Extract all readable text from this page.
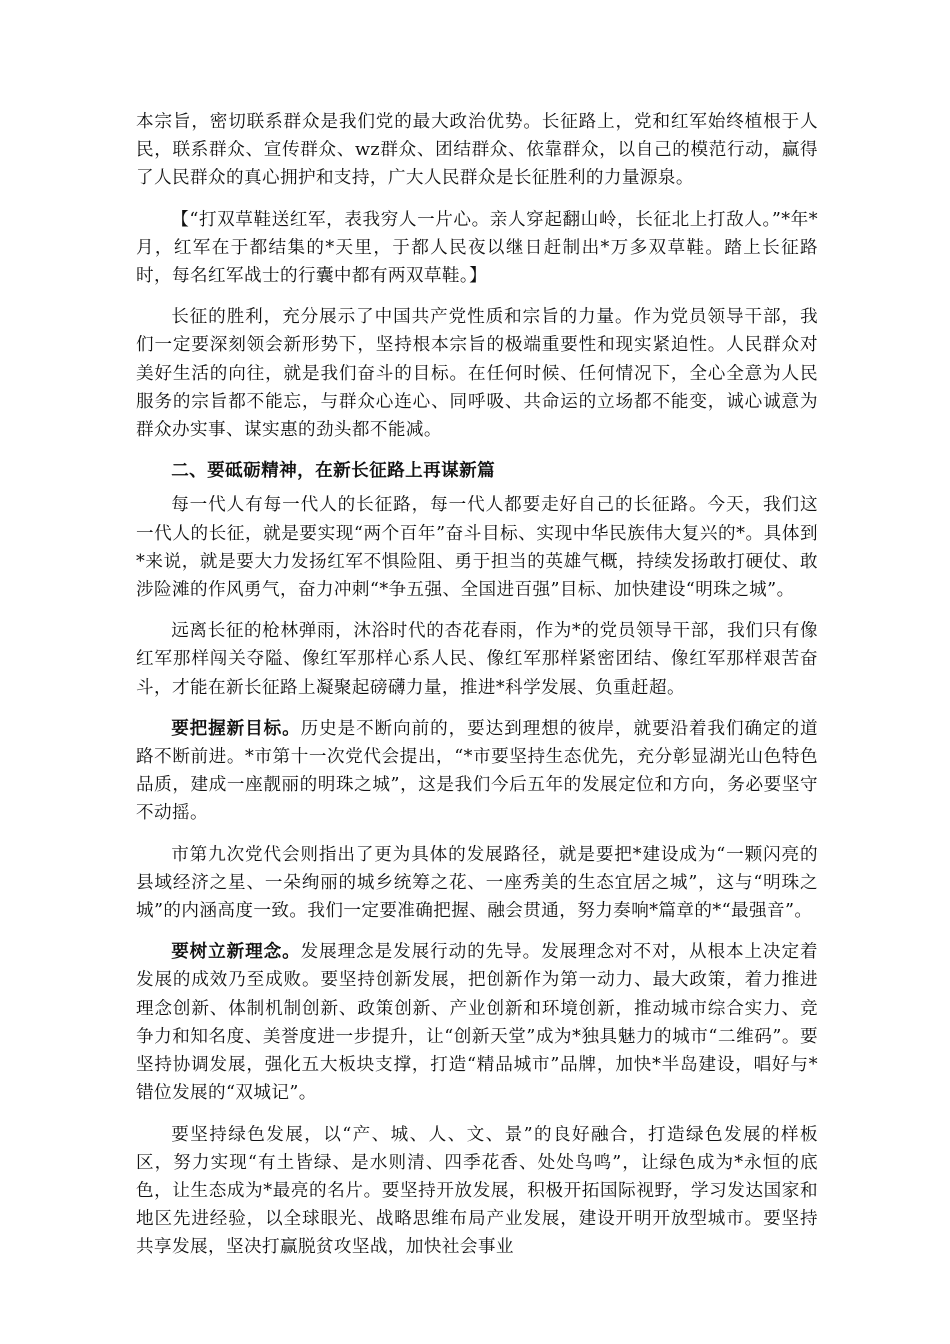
本宗旨，密切联系群众是我们党的最大政治优势。长征路上，党和红军始终植根于人民，联系群众、宣传群众、wz群众、团结群众、依靠群众，以自己的模范行动，赢得了人民群众的真心拥护和支持，广大人民群众是长征胜利的力量源泉。

【“打双草鞋送红军，表我穷人一片心。亲人穿起翻山岭，长征北上打敌人。”*年*月，红军在于都结集的*天里，于都人民夜以继日赶制出*万多双草鞋。踏上长征路时，每名红军战士的行囊中都有两双草鞋。】

长征的胜利，充分展示了中国共产党性质和宗旨的力量。作为党员领导干部，我们一定要深刻领会新形势下，坚持根本宗旨的极端重要性和现实紧迫性。人民群众对美好生活的向往，就是我们奋斗的目标。在任何时候、任何情况下，全心全意为人民服务的宗旨都不能忘，与群众心连心、同呼吸、共命运的立场都不能变，诚心诚意为群众办实事、谋实惠的劲头都不能减。

二、要砥砺精神，在新长征路上再谋新篇

每一代人有每一代人的长征路，每一代人都要走好自己的长征路。今天，我们这一代人的长征，就是要实现“两个百年”奋斗目标、实现中华民族伟大复兴的*。具体到*来说，就是要大力发扬红军不惧险阻、勇于担当的英雄气概，持续发扬敢打硬仗、敢涉险滩的作风勇气，奋力冲刺“*争五强、全国进百强”目标、加快建设“明珠之城”。

远离长征的枪林弹雨，沐浴时代的杏花春雨，作为*的党员领导干部，我们只有像红军那样闯关夺隘、像红军那样心系人民、像红军那样紧密团结、像红军那样艰苦奋斗，才能在新长征路上凝聚起磅礴力量，推进*科学发展、负重赶超。

要把握新目标。历史是不断向前的，要达到理想的彼岸，就要沿着我们确定的道路不断前进。*市第十一次党代会提出，“*市要坚持生态优先，充分彰显湖光山色特色品质，建成一座靓丽的明珠之城”，这是我们今后五年的发展定位和方向，务必要坚守不动摇。

市第九次党代会则指出了更为具体的发展路径，就是要把*建设成为“一颗闪亮的县域经济之星、一朵绚丽的城乡统筹之花、一座秀美的生态宜居之城”，这与“明珠之城”的内涵高度一致。我们一定要准确把握、融会贯通，努力奏响*篇章的*“最强音”。

要树立新理念。发展理念是发展行动的先导。发展理念对不对，从根本上决定着发展的成效乃至成败。要坚持创新发展，把创新作为第一动力、最大政策，着力推进理念创新、体制机制创新、政策创新、产业创新和环境创新，推动城市综合实力、竞争力和知名度、美誉度进一步提升，让“创新天堂”成为*独具魅力的城市“二维码”。要坚持协调发展，强化五大板块支撑，打造“精品城市”品牌，加快*半岛建设，唱好与*错位发展的“双城记”。

要坚持绿色发展，以“产、城、人、文、景”的良好融合，打造绿色发展的样板区，努力实现“有土皆绿、是水则清、四季花香、处处鸟鸣”，让绿色成为*永恒的底色，让生态成为*最亮的名片。要坚持开放发展，积极开拓国际视野，学习发达国家和地区先进经验，以全球眼光、战略思维布局产业发展，建设开明开放型城市。要坚持共享发展，坚决打赢脱贫攻坚战，加快社会事业
